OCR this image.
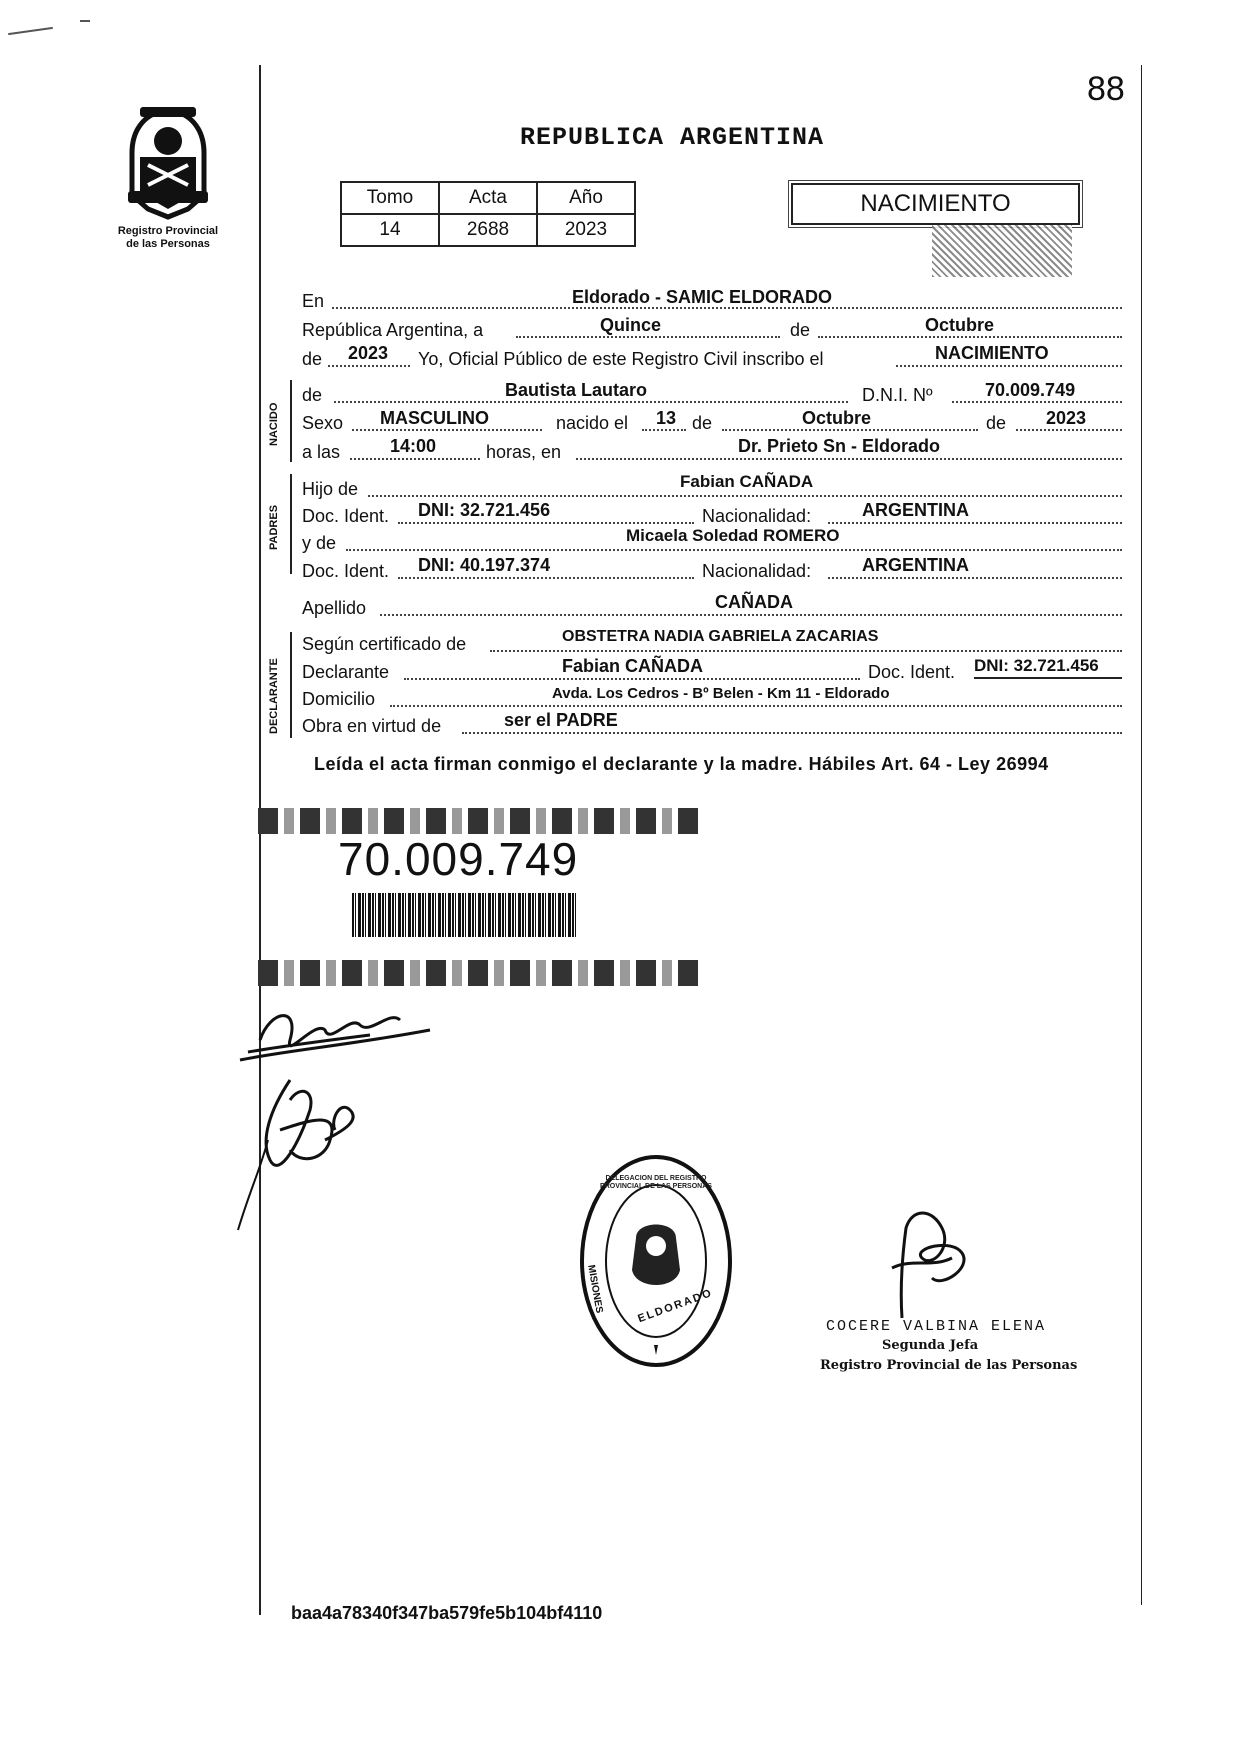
Registro Provincial
de las Personas
88
REPUBLICA ARGENTINA
Tomo	Acta	Año
14	2688	2023
NACIMIENTO
En	Eldorado - SAMIC ELDORADO
República Argentina, a	Quince	de	Octubre
de 2023 Yo, Oficial Público de este Registro Civil inscribo el	NACIMIENTO
NACIDO
de	Bautista Lautaro	D.N.I. Nº	70.009.749
Sexo MASCULINO	nacido el 13 de	Octubre	de 2023
a las	14:00	horas, en	Dr. Prieto Sn - Eldorado
PADRES
Hijo de	Fabian CAÑADA
Doc. Ident. DNI: 32.721.456	Nacionalidad:	ARGENTINA
y de	Micaela Soledad ROMERO
Doc. Ident. DNI: 40.197.374	Nacionalidad:	ARGENTINA
Apellido	CAÑADA
DECLARANTE
Según certificado de	OBSTETRA NADIA GABRIELA ZACARIAS
Declarante	Fabian CAÑADA	Doc. Ident. DNI: 32.721.456
Domicilio	Avda. Los Cedros - Bº Belen - Km 11 - Eldorado
Obra en virtud de	ser el PADRE
Leída el acta firman conmigo el declarante y la madre. Hábiles Art. 64 - Ley 26994
70.009.749
DELEGACION DEL REGISTRO PROVINCIAL DE LAS PERSONAS
ELDORADO
MISIONES
COCERE VALBINA ELENA
Segunda Jefa
Registro Provincial de las Personas
baa4a78340f347ba579fe5b104bf4110
